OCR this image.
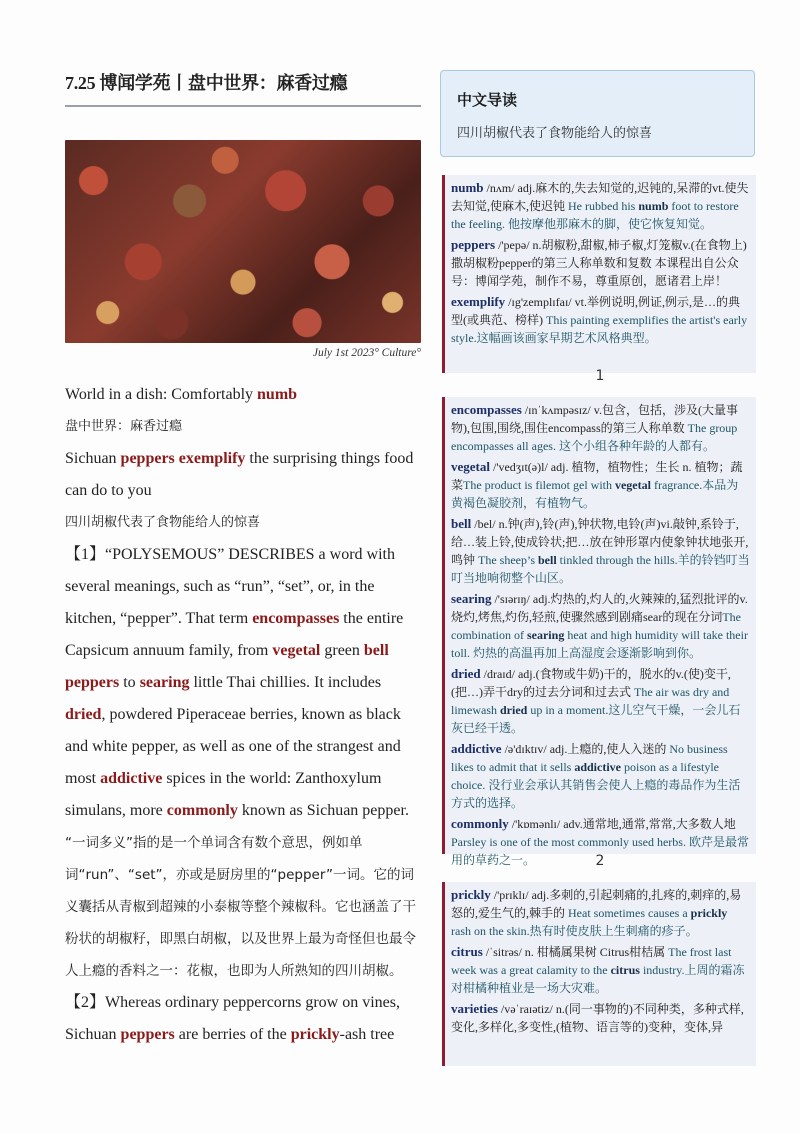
7.25 博闻学苑丨盘中世界：麻香过瘾
July 1st 2023° Culture°
World in a dish: Comfortably numb
盘中世界：麻香过瘾
Sichuan peppers exemplify the surprising things food can do to you
四川胡椒代表了食物能给人的惊喜
【1】“POLYSEMOUS” DESCRIBES a word with several meanings, such as “run”, “set”, or, in the kitchen, “pepper”. That term encompasses the entire Capsicum annuum family, from vegetal green bell peppers to searing little Thai chillies. It includes dried, powdered Piperaceae berries, known as black and white pepper, as well as one of the strangest and most addictive spices in the world: Zanthoxylum simulans, more commonly known as Sichuan pepper.
“一词多义”指的是一个单词含有数个意思，例如单词“run”、“set”，亦或是厨房里的“pepper”一词。它的词义囊括从青椒到超辣的小泰椒等整个辣椒科。它也涵盖了干粉状的胡椒籽，即黑白胡椒，以及世界上最为奇怪但也最令人上瘾的香料之一：花椒，也即为人所熟知的四川胡椒。
【2】Whereas ordinary peppercorns grow on vines, Sichuan peppers are berries of the prickly-ash tree
中文导读
四川胡椒代表了食物能给人的惊喜
numb /nʌm/ adj.麻木的,失去知觉的,迟钝的,呆滞的vt.使失去知觉,使麻木,使迟钝 He rubbed his numb foot to restore the feeling. 他按摩他那麻木的脚，使它恢复知觉。
peppers /'pepə/ n.胡椒粉,甜椒,柿子椒,灯笼椒v.(在食物上)撒胡椒粉pepper的第三人称单数和复数 本课程出自公众号：博闻学苑，制作不易，尊重原创，愿诸君上岸！
exemplify /ɪg'zemplɪfaɪ/ vt.举例说明,例证,例示,是…的典型(或典范、榜样) This painting exemplifies the artist's early style.这幅画该画家早期艺术风格典型。
1
encompasses /ɪnˈkʌmpəsɪz/ v.包含，包括，涉及(大量事物),包围,围绕,围住encompass的第三人称单数 The group encompasses all ages. 这个小组各种年龄的人都有。
vegetal /'vedʒɪt(ə)l/ adj. 植物，植物性；生长 n. 植物；蔬菜The product is filemot gel with vegetal fragrance.本品为黄褐色凝胶剂，有植物气。
bell /bel/ n.钟(声),铃(声),钟状物,电铃(声)vi.敲钟,系铃于,给…装上铃,使成铃状;把…放在钟形罩内使象钟状地张开,鸣钟 The sheep’s bell tinkled through the hills.羊的铃铛叮当叮当地响彻整个山区。
searing /'sɪərɪŋ/ adj.灼热的,灼人的,火辣辣的,猛烈批评的v.烧灼,烤焦,灼伤,轻煎,使骤然感到剧痛sear的现在分词The combination of searing heat and high humidity will take their toll. 灼热的高温再加上高湿度会逐渐影响到你。
dried /draɪd/ adj.(食物或牛奶)干的，脱水的v.(使)变干,(把…)弄干dry的过去分词和过去式 The air was dry and limewash dried up in a moment.这儿空气干燥，一会儿石灰已经干透。
addictive /ə'dɪktɪv/ adj.上瘾的,使人入迷的 No business likes to admit that it sells addictive poison as a lifestyle choice. 没行业会承认其销售会使人上瘾的毒品作为生活方式的选择。
commonly /'kɒmənlɪ/ adv.通常地,通常,常常,大多数人地 Parsley is one of the most commonly used herbs. 欧芹是最常用的草药之一。	2
prickly /'prɪklɪ/ adj.多刺的,引起刺痛的,扎疼的,刺痒的,易怒的,爱生气的,棘手的 Heat sometimes causes a prickly rash on the skin.热有时使皮肤上生刺痛的疹子。
citrus /ˈsitrəs/ n. 柑橘属果树 Citrus柑桔属 The frost last week was a great calamity to the citrus industry.上周的霜冻对柑橘种植业是一场大灾难。
varieties /vəˈraɪətiz/ n.(同一事物的)不同种类，多种式样,变化,多样化,多变性,(植物、语言等的)变种，变体,异
